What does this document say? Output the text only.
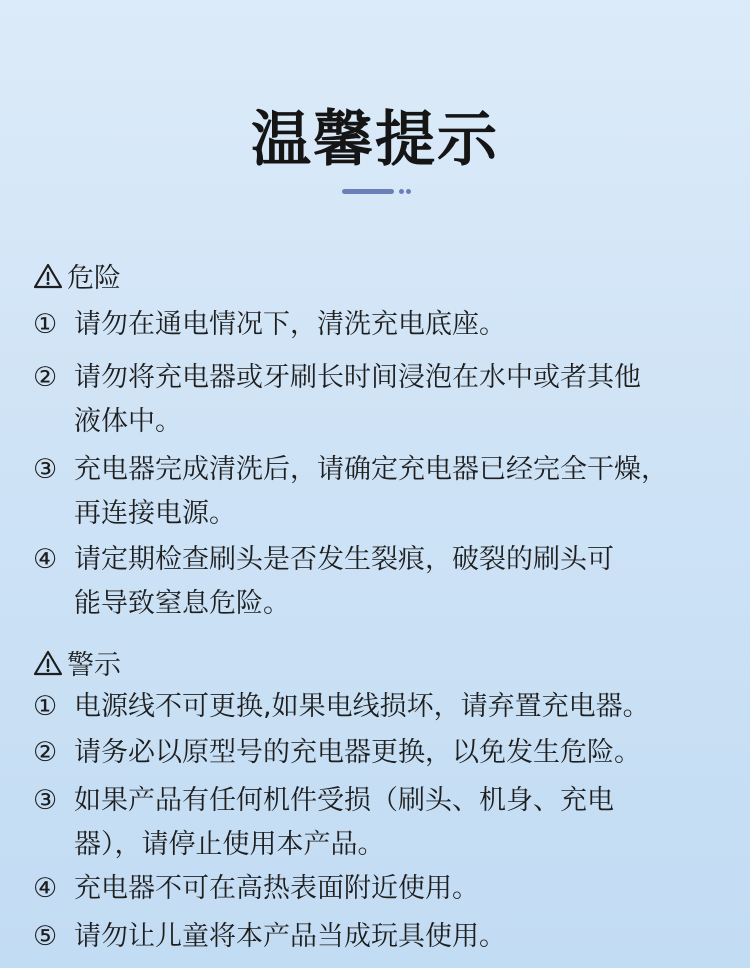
温馨提示
危险
① 请勿在通电情况下，清洗充电底座。
② 请勿将充电器或牙刷长时间浸泡在水中或者其他
液体中。
③ 充电器完成清洗后，请确定充电器已经完全干燥，
再连接电源。
④ 请定期检查刷头是否发生裂痕，破裂的刷头可
能导致窒息危险。
警示
① 电源线不可更换,如果电线损坏，请弃置充电器。
② 请务必以原型号的充电器更换，以免发生危险。
③ 如果产品有任何机件受损（刷头、机身、充电
器），请停止使用本产品。
④ 充电器不可在高热表面附近使用。
⑤ 请勿让儿童将本产品当成玩具使用。
